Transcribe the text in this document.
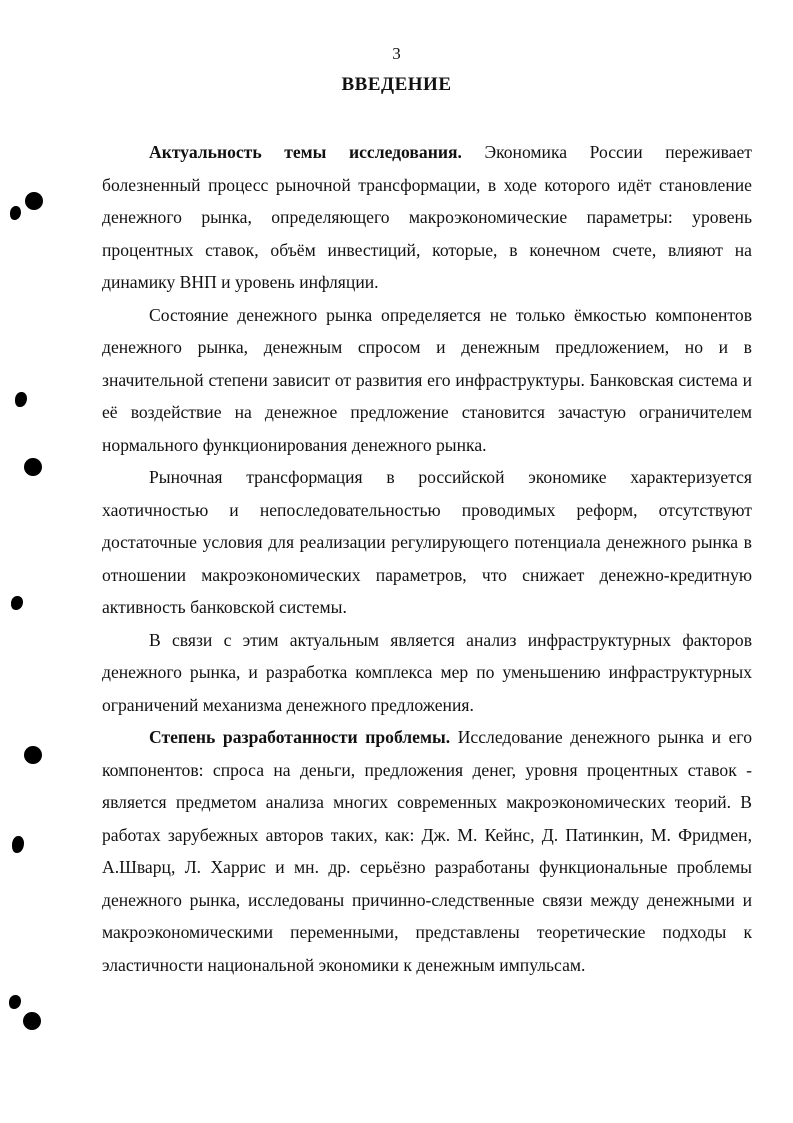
3
ВВЕДЕНИЕ

Актуальность темы исследования. Экономика России переживает болезненный процесс рыночной трансформации, в ходе которого идёт становление денежного рынка, определяющего макроэкономические параметры: уровень процентных ставок, объём инвестиций, которые, в конечном счете, влияют на динамику ВНП и уровень инфляции.

Состояние денежного рынка определяется не только ёмкостью компонентов денежного рынка, денежным спросом и денежным предложением, но и в значительной степени зависит от развития его инфраструктуры. Банковская система и её воздействие на денежное предложение становится зачастую ограничителем нормального функционирования денежного рынка.

Рыночная трансформация в российской экономике характеризуется хаотичностью и непоследовательностью проводимых реформ, отсутствуют достаточные условия для реализации регулирующего потенциала денежного рынка в отношении макроэкономических параметров, что снижает денежно-кредитную активность банковской системы.

В связи с этим актуальным является анализ инфраструктурных факторов денежного рынка, и разработка комплекса мер по уменьшению инфраструктурных ограничений механизма денежного предложения.

Степень разработанности проблемы. Исследование денежного рынка и его компонентов: спроса на деньги, предложения денег, уровня процентных ставок - является предметом анализа многих современных макроэкономических теорий. В работах зарубежных авторов таких, как: Дж. М. Кейнс, Д. Патинкин, М. Фридмен, А.Шварц, Л. Харрис и мн. др. серьёзно разработаны функциональные проблемы денежного рынка, исследованы причинно-следственные связи между денежными и макроэкономическими переменными, представлены теоретические подходы к эластичности национальной экономики к денежным импульсам.
